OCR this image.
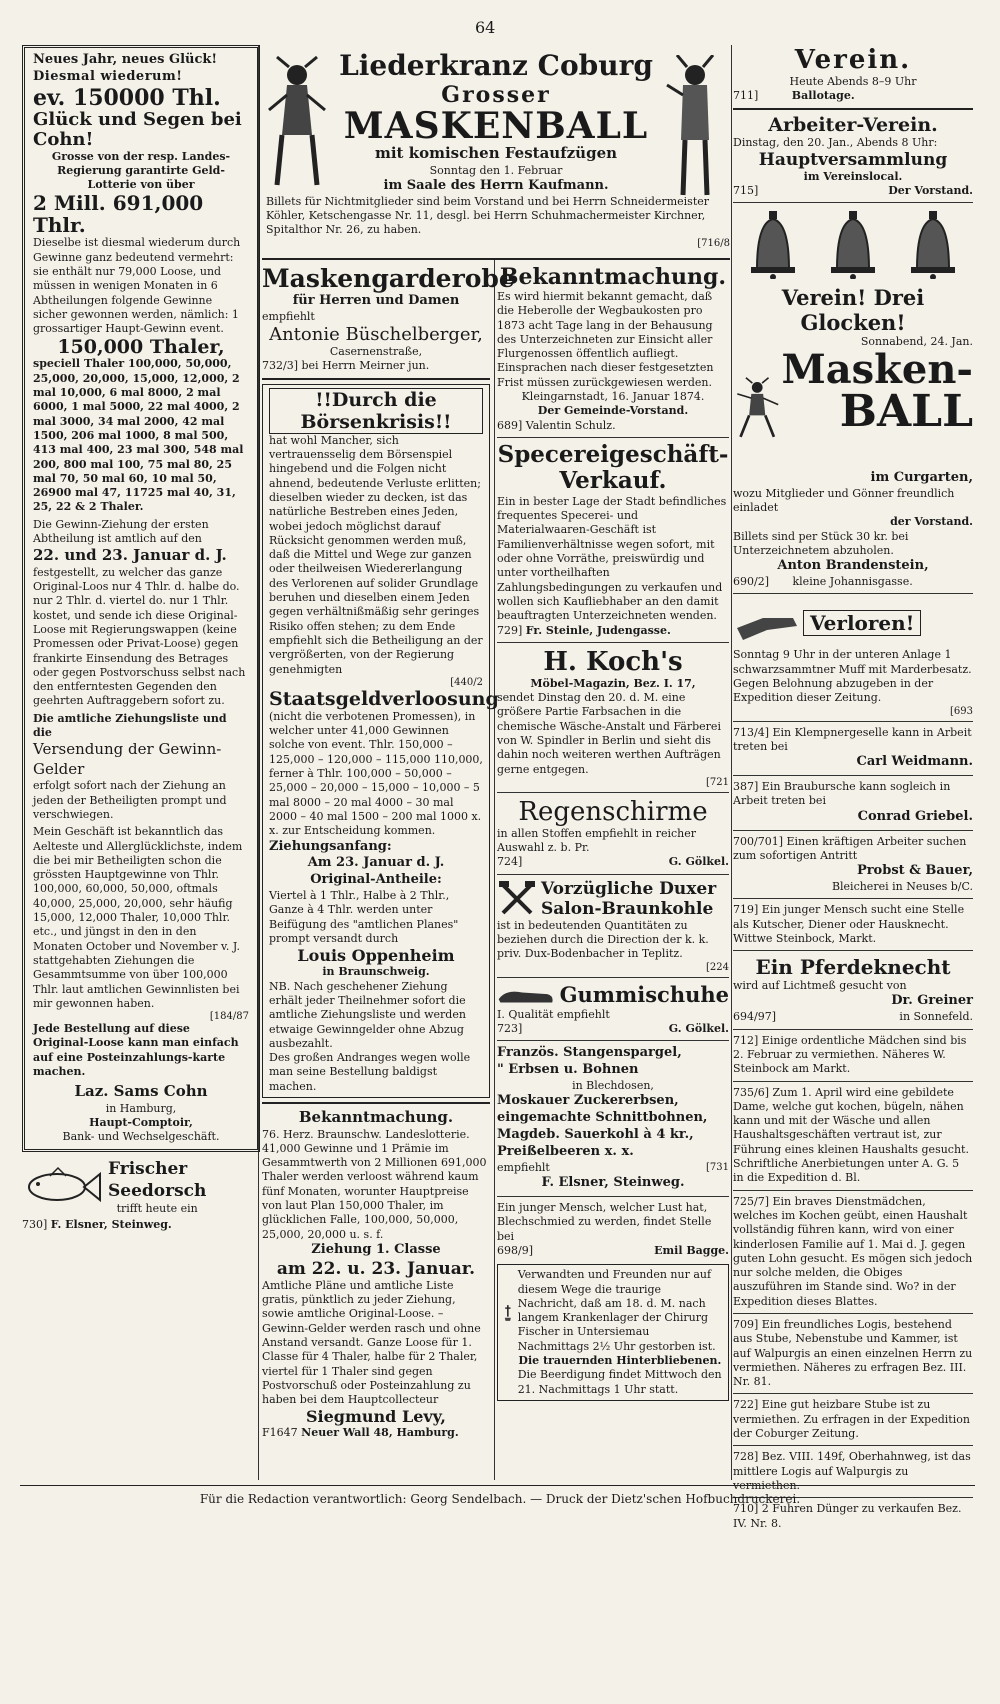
64

Neues Jahr, neues Glück!

Diesmal wiederum!

ev. 150000 Thl.

Glück und Segen bei Cohn!

Grosse von der resp. Landes-Regierung garantirte Geld-Lotterie von über

2 Mill. 691,000 Thlr.

Dieselbe ist diesmal wiederum durch Gewinne ganz bedeutend vermehrt: sie enthält nur 79,000 Loose, und müssen in wenigen Monaten in 6 Abtheilungen folgende Gewinne sicher gewonnen werden, nämlich: 1 grossartiger Haupt-Gewinn event.

150,000 Thaler,

speciell Thaler 100,000, 50,000, 25,000, 20,000, 15,000, 12,000, 2 mal 10,000, 6 mal 8000, 2 mal 6000, 1 mal 5000, 22 mal 4000, 2 mal 3000, 34 mal 2000, 42 mal 1500, 206 mal 1000, 8 mal 500, 413 mal 400, 23 mal 300, 548 mal 200, 800 mal 100, 75 mal 80, 25 mal 70, 50 mal 60, 10 mal 50, 26900 mal 47, 11725 mal 40, 31, 25, 22 & 2 Thaler.

Die Gewinn-Ziehung der ersten Abtheilung ist amtlich auf den

22. und 23. Januar d. J.

festgestellt, zu welcher das ganze Original-Loos nur 4 Thlr. d. halbe do. nur 2 Thlr. d. viertel do. nur 1 Thlr. kostet, und sende ich diese Original-Loose mit Regierungswappen (keine Promessen oder Privat-Loose) gegen frankirte Einsendung des Betrages oder gegen Postvorschuss selbst nach den entferntesten Gegenden den geehrten Auftraggebern sofort zu.

Die amtliche Ziehungsliste und die

Versendung der Gewinn-Gelder

erfolgt sofort nach der Ziehung an jeden der Betheiligten prompt und verschwiegen.

Mein Geschäft ist bekanntlich das Aelteste und Allerglücklichste, indem die bei mir Betheiligten schon die grössten Hauptgewinne von Thlr. 100,000, 60,000, 50,000, oftmals 40,000, 25,000, 20,000, sehr häufig 15,000, 12,000 Thaler, 10,000 Thlr. etc., und jüngst in den in den Monaten October und November v. J. stattgehabten Ziehungen die Gesammtsumme von über 100,000 Thlr. laut amtlichen Gewinnlisten bei mir gewonnen haben.

[184/87

Jede Bestellung auf diese Original-Loose kann man einfach auf eine Posteinzahlungs-karte machen.

Laz. Sams Cohn

in Hamburg,

Haupt-Comptoir,

Bank- und Wechselgeschäft.

Frischer

Seedorsch

trifft heute ein

730] F. Elsner, Steinweg.

Liederkranz Coburg

Grosser

MASKENBALL

mit komischen Festaufzügen

Sonntag den 1. Februar

im Saale des Herrn Kaufmann.

Billets für Nichtmitglieder sind beim Vorstand und bei Herrn Schneidermeister Köhler, Ketschengasse Nr. 11, desgl. bei Herrn Schuhmachermeister Kirchner, Spitalthor Nr. 26, zu haben.

[716/8

Maskengarderobe

für Herren und Damen

empfiehlt

Antonie Büschelberger,

Casernenstraße,

732/3] bei Herrn Meirner jun.

!!Durch die Börsenkrisis!!

hat wohl Mancher, sich vertrauensselig dem Börsenspiel hingebend und die Folgen nicht ahnend, bedeutende Verluste erlitten; dieselben wieder zu decken, ist das natürliche Bestreben eines Jeden, wobei jedoch möglichst darauf Rücksicht genommen werden muß, daß die Mittel und Wege zur ganzen oder theilweisen Wiedererlangung des Verlorenen auf solider Grundlage beruhen und dieselben einem Jeden gegen verhältnißmäßig sehr geringes Risiko offen stehen; zu dem Ende empfiehlt sich die Betheiligung an der vergrößerten, von der Regierung genehmigten

[440/2

Staatsgeldverloosung

(nicht die verbotenen Promessen), in welcher unter 41,000 Gewinnen solche von event. Thlr. 150,000 – 125,000 – 120,000 – 115,000 110,000, ferner à Thlr. 100,000 – 50,000 – 25,000 – 20,000 – 15,000 – 10,000 – 5 mal 8000 – 20 mal 4000 – 30 mal 2000 – 40 mal 1500 – 200 mal 1000 x. x. zur Entscheidung kommen.

Ziehungsanfang:

Am 23. Januar d. J.

Original-Antheile:

Viertel à 1 Thlr., Halbe à 2 Thlr., Ganze à 4 Thlr. werden unter Beifügung des "amtlichen Planes" prompt versandt durch

Louis Oppenheim

in Braunschweig.

NB. Nach geschehener Ziehung erhält jeder Theilnehmer sofort die amtliche Ziehungsliste und werden etwaige Gewinngelder ohne Abzug ausbezahlt.

Des großen Andranges wegen wolle man seine Bestellung baldigst machen.

Bekanntmachung.

76. Herz. Braunschw. Landeslotterie. 41,000 Gewinne und 1 Prämie im Gesammtwerth von 2 Millionen 691,000 Thaler werden verloost während kaum fünf Monaten, worunter Hauptpreise von laut Plan 150,000 Thaler, im glücklichen Falle, 100,000, 50,000, 25,000, 20,000 u. s. f.

Ziehung 1. Classe

am 22. u. 23. Januar.

Amtliche Pläne und amtliche Liste gratis, pünktlich zu jeder Ziehung, sowie amtliche Original-Loose. – Gewinn-Gelder werden rasch und ohne Anstand versandt. Ganze Loose für 1. Classe für 4 Thaler, halbe für 2 Thaler, viertel für 1 Thaler sind gegen Postvorschuß oder Posteinzahlung zu haben bei dem Hauptcollecteur

Siegmund Levy,

F1647 Neuer Wall 48, Hamburg.

Bekanntmachung.

Es wird hiermit bekannt gemacht, daß die Heberolle der Wegbaukosten pro 1873 acht Tage lang in der Behausung des Unterzeichneten zur Einsicht aller Flurgenossen öffentlich aufliegt. Einsprachen nach dieser festgesetzten Frist müssen zurückgewiesen werden.

Kleingarnstadt, 16. Januar 1874.

Der Gemeinde-Vorstand.

689] Valentin Schulz.

Specereigeschäft-Verkauf.

Ein in bester Lage der Stadt befindliches frequentes Specerei- und Materialwaaren-Geschäft ist Familienverhältnisse wegen sofort, mit oder ohne Vorräthe, preiswürdig und unter vortheilhaften Zahlungsbedingungen zu verkaufen und wollen sich Kaufliebhaber an den damit beauftragten Unterzeichneten wenden.

729] Fr. Steinle, Judengasse.

H. Koch's

Möbel-Magazin, Bez. I. 17,

sendet Dinstag den 20. d. M. eine größere Partie Farbsachen in die chemische Wäsche-Anstalt und Färberei von W. Spindler in Berlin und sieht dis dahin noch weiteren werthen Aufträgen gerne entgegen.

[721

Regenschirme

in allen Stoffen empfiehlt in reicher Auswahl z. b. Pr.

724]	G. Gölkel.

Vorzügliche Duxer

Salon-Braunkohle

ist in bedeutenden Quantitäten zu beziehen durch die Direction der k. k. priv. Dux-Bodenbacher in Teplitz.

[224

Gummischuhe

I. Qualität empfiehlt

723]	G. Gölkel.

Französ. Stangenspargel,

" Erbsen u. Bohnen

in Blechdosen,

Moskauer Zuckererbsen,

eingemachte Schnittbohnen,

Magdeb. Sauerkohl à 4 kr.,

Preißelbeeren x. x.

empfiehlt	[731

F. Elsner, Steinweg.

Ein junger Mensch, welcher Lust hat, Blechschmied zu werden, findet Stelle bei

698/9]	Emil Bagge.

Verwandten und Freunden nur auf diesem Wege die traurige Nachricht, daß am 18. d. M. nach langem Krankenlager der Chirurg Fischer in Untersiemau Nachmittags 2½ Uhr gestorben ist.

Die trauernden Hinterbliebenen.

Die Beerdigung findet Mittwoch den 21. Nachmittags 1 Uhr statt.

Verein.

Heute Abends 8–9 Uhr

711]	Ballotage.

Arbeiter-Verein.

Dinstag, den 20. Jan., Abends 8 Uhr:

Hauptversammlung

im Vereinslocal.

715]	Der Vorstand.

Verein! Drei Glocken!

Sonnabend, 24. Jan.

Masken-

BALL

im Curgarten,

wozu Mitglieder und Gönner freundlich einladet

der Vorstand.

Billets sind per Stück 30 kr. bei Unterzeichnetem abzuholen.

Anton Brandenstein,

690/2] kleine Johannisgasse.

Verloren!

Sonntag 9 Uhr in der unteren Anlage 1 schwarzsammtner Muff mit Marderbesatz. Gegen Belohnung abzugeben in der Expedition dieser Zeitung.

[693

713/4] Ein Klempnergeselle kann in Arbeit treten bei

Carl Weidmann.

387] Ein Braubursche kann sogleich in Arbeit treten bei

Conrad Griebel.

700/701] Einen kräftigen Arbeiter suchen zum sofortigen Antritt

Probst & Bauer,

Bleicherei in Neuses b/C.

719] Ein junger Mensch sucht eine Stelle als Kutscher, Diener oder Hausknecht. Wittwe Steinbock, Markt.

Ein Pferdeknecht

wird auf Lichtmeß gesucht von

Dr. Greiner

694/97]	in Sonnefeld.

712] Einige ordentliche Mädchen sind bis 2. Februar zu vermiethen. Näheres W. Steinbock am Markt.

735/6] Zum 1. April wird eine gebildete Dame, welche gut kochen, bügeln, nähen kann und mit der Wäsche und allen Haushaltsgeschäften vertraut ist, zur Führung eines kleinen Haushalts gesucht. Schriftliche Anerbietungen unter A. G. 5 in die Expedition d. Bl.

725/7] Ein braves Dienstmädchen, welches im Kochen geübt, einen Haushalt vollständig führen kann, wird von einer kinderlosen Familie auf 1. Mai d. J. gegen guten Lohn gesucht. Es mögen sich jedoch nur solche melden, die Obiges auszuführen im Stande sind. Wo? in der Expedition dieses Blattes.

709] Ein freundliches Logis, bestehend aus Stube, Nebenstube und Kammer, ist auf Walpurgis an einen einzelnen Herrn zu vermiethen. Näheres zu erfragen Bez. III. Nr. 81.

722] Eine gut heizbare Stube ist zu vermiethen. Zu erfragen in der Expedition der Coburger Zeitung.

728] Bez. VIII. 149f, Oberhahnweg, ist das mittlere Logis auf Walpurgis zu vermiethen.

710] 2 Fuhren Dünger zu verkaufen Bez. IV. Nr. 8.

Für die Redaction verantwortlich: Georg Sendelbach. — Druck der Dietz'schen Hofbuchdruckerei.
